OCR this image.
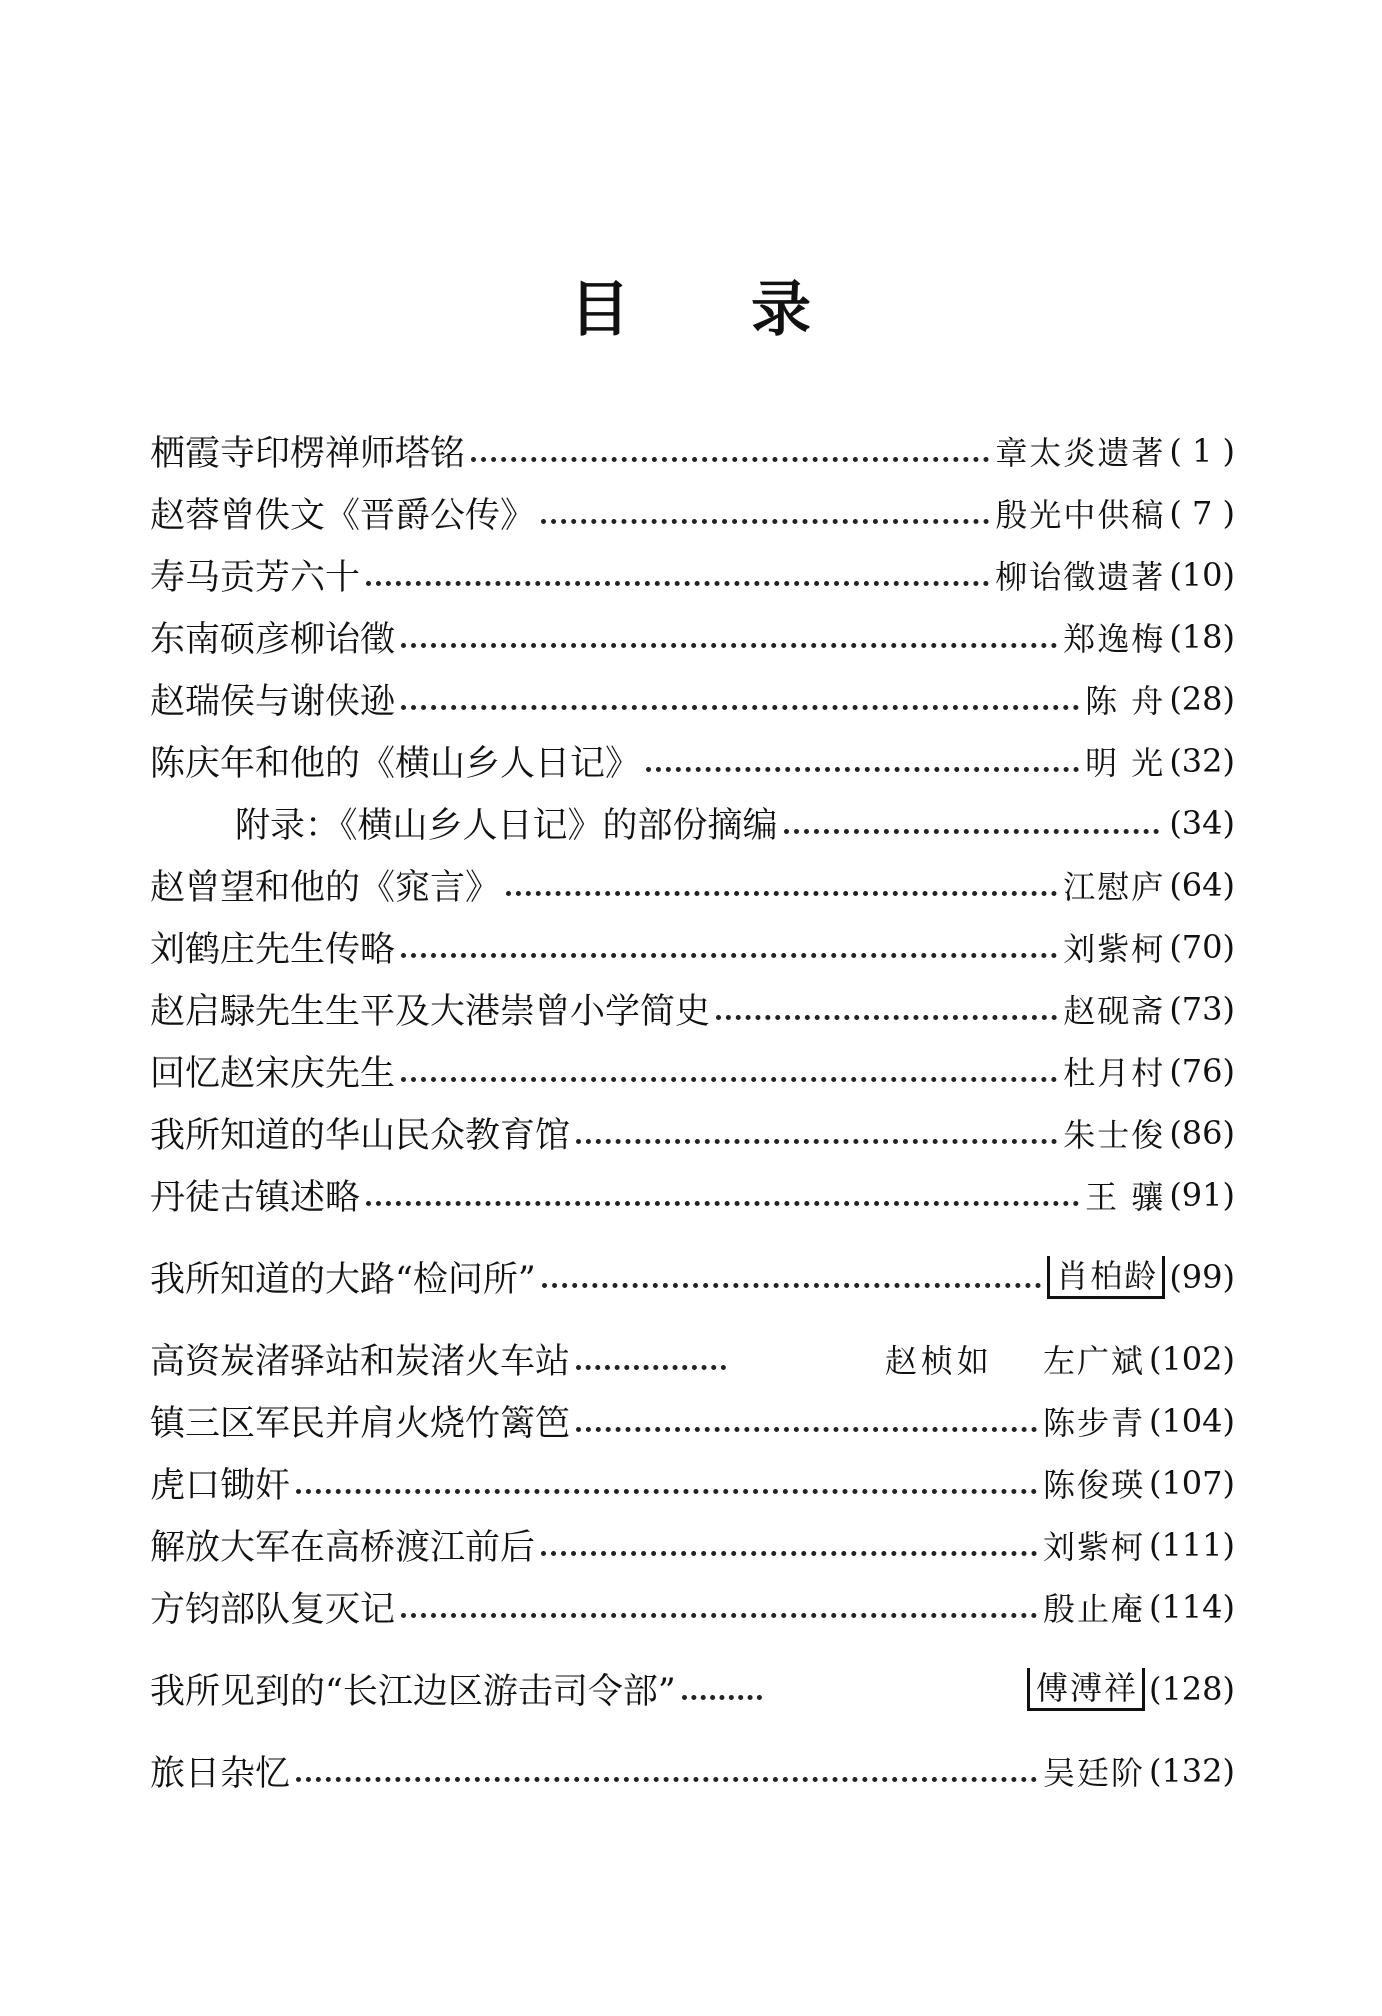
目 录
栖霞寺印楞禅师塔铭	章太炎遗著 ( 1 )
赵蓉曾佚文《晋爵公传》	殷光中供稿 ( 7 )
寿马贡芳六十	柳诒徵遗著 (10)
东南硕彦柳诒徵	郑逸梅 (18)
赵瑞侯与谢侠逊	陈 舟 (28)
陈庆年和他的《横山乡人日记》	明 光 (32)
附录：《横山乡人日记》的部份摘编	(34)
赵曾望和他的《窕言》	江慰庐 (64)
刘鹤庄先生传略	刘紫柯 (70)
赵启騄先生生平及大港崇曾小学简史	赵砚斋 (73)
回忆赵宋庆先生	杜月村 (76)
我所知道的华山民众教育馆	朱士俊 (86)
丹徒古镇述略	王 骧 (91)
我所知道的大路“检问所”	肖柏龄 (99)
高资炭渚驿站和炭渚火车站	赵桢如 左广斌 (102)
镇三区军民并肩火烧竹篱笆	陈步青 (104)
虎口锄奸	陈俊瑛 (107)
解放大军在高桥渡江前后	刘紫柯 (111)
方钧部队复灭记	殷止庵 (114)
我所见到的“长江边区游击司令部”	傅溥祥 (128)
旅日杂忆	吴廷阶 (132)
